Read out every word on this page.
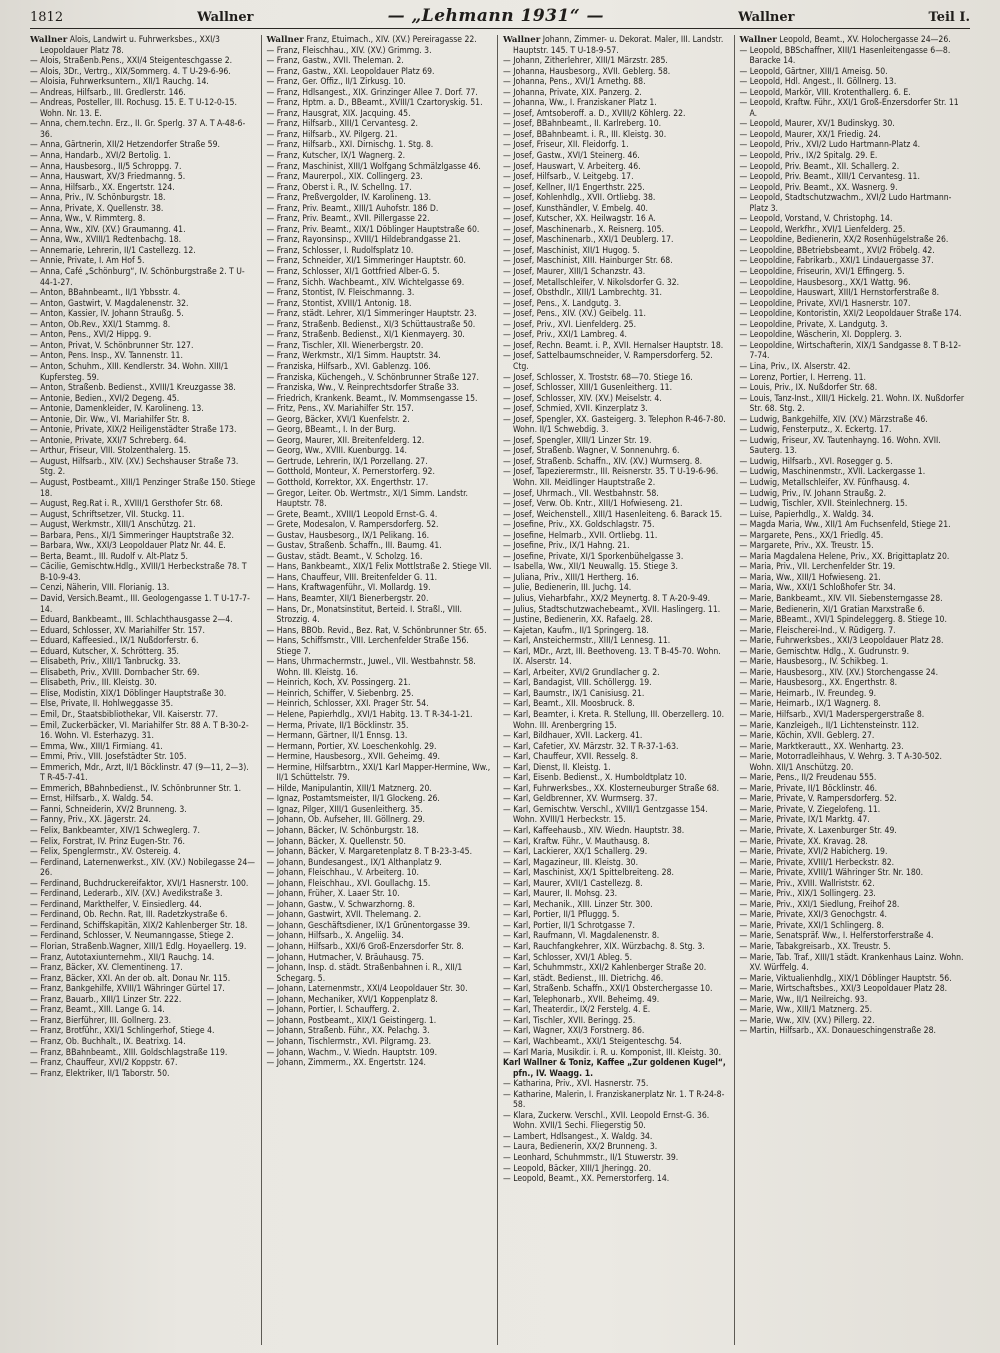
1812	Wallner	— „Lehmann 1931“ —	Wallner	Teil I.
Wallner Alois, Landwirt u. Fuhrwerksbes., XXI/3 Leopoldauer Platz 78.
— Alois, Straßenb.Pens., XXI/4 Steigenteschgasse 2.
— Alois, 3Dr., Vertrg., XIX/Sommerg. 4. T U-29-6-96.
— Aloisia, Fuhrwerksuntern., XII/1 Rauchg. 14.
— Andreas, Hilfsarb., III. Gredlerstr. 146.
— Andreas, Posteller, III. Rochusg. 15. E. T U-12-0-15. Wohn. Nr. 13. E.
— Anna, chem.techn. Erz., II. Gr. Sperlg. 37 A. T A-48-6-36.
— Anna, Gärtnerin, XII/2 Hetzendorfer Straße 59.
— Anna, Handarb., XVI/2 Bertolig. 1.
— Anna, Hausbesorg., II/5 Schroppg. 7.
— Anna, Hauswart, XV/3 Friedmanng. 5.
— Anna, Hilfsarb., XX. Engertstr. 124.
— Anna, Priv., IV. Schönburgstr. 18.
— Anna, Private, X. Quellenstr. 38.
— Anna, Ww., V. Rimmterg. 8.
— Anna, Ww., XIV. (XV.) Graumanng. 41.
— Anna, Ww., XVIII/1 Redtenbachg. 18.
— Annemarie, Lehrerin, II/1 Castellezg. 12.
— Annie, Private, I. Am Hof 5.
— Anna, Café „Schönburg“, IV. Schönburgstraße 2. T U-44-1-27.
— Anton, BBahnbeamt., II/1 Ybbsstr. 4.
— Anton, Gastwirt, V. Magdalenenstr. 32.
— Anton, Kassier, IV. Johann Straußg. 5.
— Anton, Ob.Rev., XXI/1 Stammg. 8.
— Anton, Pens., XVI/2 Hippg. 9.
— Anton, Privat, V. Schönbrunner Str. 127.
— Anton, Pens. Insp., XV. Tannenstr. 11.
— Anton, Schuhm., XIII. Kendlerstr. 34. Wohn. XIII/1 Kupfersteg. 59.
— Anton, Straßenb. Bedienst., XVIII/1 Kreuzgasse 38.
— Antonie, Bedien., XVI/2 Degeng. 45.
— Antonie, Damenkleider, IV. Karolineng. 13.
— Antonie, Dir. Ww., VI. Mariahilfer Str. 8.
— Antonie, Private, XIX/2 Heiligenstädter Straße 173.
— Antonie, Private, XXI/7 Schreberg. 64.
— Arthur, Friseur, VIII. Stolzenthalerg. 15.
— August, Hilfsarb., XIV. (XV.) Sechshauser Straße 73. Stg. 2.
— August, Postbeamt., XIII/1 Penzinger Straße 150. Stiege 18.
— August, Reg.Rat i. R., XVIII/1 Gersthofer Str. 68.
— August, Schriftsetzer, VII. Stuckg. 11.
— August, Werkmstr., XIII/1 Anschützg. 21.
— Barbara, Pens., XI/1 Simmeringer Hauptstraße 32.
— Barbara, Ww., XXI/3 Leopoldauer Platz Nr. 44. E.
— Berta, Beamt., III. Rudolf v. Alt-Platz 5.
— Cäcilie, Gemischtw.Hdlg., XVIII/1 Herbeckstraße 78. T B-10-9-43.
— Cenzi, Näherin, VIII. Florianig. 13.
— David, Versich.Beamt., III. Geologengasse 1. T U-17-7-14.
— Eduard, Bankbeamt., III. Schlachthausgasse 2—4.
— Eduard, Schlosser, XV. Mariahilfer Str. 157.
— Eduard, Kaffeesied., IX/1 Nußdorferstr. 6.
— Eduard, Kutscher, X. Schrötterg. 35.
— Elisabeth, Priv., XIII/1 Tanbruckg. 33.
— Elisabeth, Priv., XVIII. Dornbacher Str. 69.
— Elisabeth, Priv., III. Kleistg. 30.
— Elise, Modistin, XIX/1 Döblinger Hauptstraße 30.
— Else, Private, II. Hohlweggasse 35.
— Emil, Dr., Staatsbibliothekar, VII. Kaiserstr. 77.
— Emil, Zuckerbäcker, VI. Mariahilfer Str. 88 A. T B-30-2-16. Wohn. VI. Esterhazyg. 31.
— Emma, Ww., XIII/1 Firmiang. 41.
— Emmi, Priv., VIII. Josefstädter Str. 105.
— Emmerich, Mdr., Arzt, II/1 Böcklinstr. 47 (9—11, 2—3). T R-45-7-41.
— Emmerich, BBahnbedienst., IV. Schönbrunner Str. 1.
— Ernst, Hilfsarb., X. Waldg. 54.
— Fanni, Schneiderin, XV/2 Brunneng. 3.
— Fanny, Priv., XX. Jägerstr. 24.
— Felix, Bankbeamter, XIV/1 Schweglerg. 7.
— Felix, Forstrat, IV. Prinz Eugen-Str. 76.
— Felix, Spenglermstr., XV. Ostereig. 4.
— Ferdinand, Laternenwerkst., XIV. (XV.) Nobilegasse 24—26.
— Ferdinand, Buchdruckereifaktor, XVI/1 Hasnerstr. 100.
— Ferdinand, Lederarb., XIV. (XV.) Avedikstraße 3.
— Ferdinand, Markthelfer, V. Einsiedlerg. 44.
— Ferdinand, Ob. Rechn. Rat, III. Radetzkystraße 6.
— Ferdinand, Schiffskapitän, XIX/2 Kahlenberger Str. 18.
— Ferdinand, Schlosser, V. Neumanngasse, Stiege 2.
— Florian, Straßenb.Wagner, XIII/1 Edlg. Hoyaellerg. 19.
— Franz, Autotaxiunternehm., XII/1 Rauchg. 14.
— Franz, Bäcker, XV. Clementineng. 17.
— Franz, Bäcker, XXI. An der ob. alt. Donau Nr. 115.
— Franz, Bankgehilfe, XVIII/1 Währinger Gürtel 17.
— Franz, Bauarb., XIII/1 Linzer Str. 222.
— Franz, Beamt., XIII. Lange G. 14.
— Franz, Bierführer, III. Gollnerg. 23.
— Franz, Brotführ., XXI/1 Schlingerhof, Stiege 4.
— Franz, Ob. Buchhalt., IX. Beatrixg. 14.
— Franz, BBahnbeamt., XIII. Goldschlagstraße 119.
— Franz, Chauffeur, XVI/2 Koppstr. 67.
— Franz, Elektriker, II/1 Taborstr. 50.
Wallner Franz, Etuimach., XIV. (XV.) Pereiragasse 22.
— Franz, Fleischhau., XIV. (XV.) Grimmg. 3.
— Franz, Gastw., XVII. Theleman. 2.
— Franz, Gastw., XXI. Leopoldauer Platz 69.
— Franz, Ger. Offiz., II/1 Zirkusg. 10.
— Franz, Hdlsangest., XIX. Grinzinger Allee 7. Dorf. 77.
— Franz, Hptm. a. D., BBeamt., XVIII/1 Czartoryskig. 51.
— Franz, Hausgrat, XIX. Jacquing. 45.
— Franz, Hilfsarb., XIII/1 Cervantesg. 2.
— Franz, Hilfsarb., XV. Pilgerg. 21.
— Franz, Hilfsarb., XXI. Dirnischg. 1. Stg. 8.
— Franz, Kutscher, IX/1 Wagnerg. 2.
— Franz, Maschinist, XIII/1 Wolfgang Schmälzlgasse 46.
— Franz, Maurerpol., XIX. Collingerg. 23.
— Franz, Oberst i. R., IV. Schellng. 17.
— Franz, Preßvergolder, IV. Karolineng. 13.
— Franz, Priv. Beamt., XIII/1 Auhofstr. 186 D.
— Franz, Priv. Beamt., XVII. Pillergasse 22.
— Franz, Priv. Beamt., XIX/1 Döblinger Hauptstraße 60.
— Franz, Rayonsinsp., XVIII/1 Hildebrandgasse 21.
— Franz, Schlosser, I. Rudolfsplatz 10.
— Franz, Schneider, XI/1 Simmeringer Hauptstr. 60.
— Franz, Schlosser, XI/1 Gottfried Alber-G. 5.
— Franz, Sichh. Wachbeamt., XIV. Wichtelgasse 69.
— Franz, Stontist, IV. Fleischmanng. 3.
— Franz, Stontist, XVIII/1 Antonig. 18.
— Franz, städt. Lehrer, XI/1 Simmeringer Hauptstr. 23.
— Franz, Straßenb. Bedienst., XI/3 Schüttaustraße 50.
— Franz, Straßenb. Bedienst., XI/1 Kienmayerg. 30.
— Franz, Tischler, XII. Wienerbergstr. 20.
— Franz, Werkmstr., XI/1 Simm. Hauptstr. 34.
— Franziska, Hilfsarb., XVI. Gablenzg. 106.
— Franziska, Küchengeh., V. Schönbrunner Straße 127.
— Franziska, Ww., V. Reinprechtsdorfer Straße 33.
— Friedrich, Krankenk. Beamt., IV. Mommsengasse 15.
— Fritz, Pens., XV. Mariahilfer Str. 157.
— Georg, Bäcker, XVI/1 Kuenfelstr. 2.
— Georg, BBeamt., I. In der Burg.
— Georg, Maurer, XII. Breitenfelderg. 12.
— Georg, Ww., XVIII. Kuenburgg. 14.
— Gertrude, Lehrerin, IX/1 Porzellang. 27.
— Gotthold, Monteur, X. Pernerstorferg. 92.
— Gotthold, Korrektor, XX. Engerthstr. 17.
— Gregor, Leiter. Ob. Wertmstr., XI/1 Simm. Landstr. Hauptstr. 78.
— Grete, Beamt., XVIII/1 Leopold Ernst-G. 4.
— Grete, Modesalon, V. Rampersdorferg. 52.
— Gustav, Hausbesorg., IX/1 Pelikang. 16.
— Gustav, Straßenb. Schaffn., III. Baumg. 41.
— Gustav, städt. Beamt., V. Scholzg. 16.
— Hans, Bankbeamt., XIX/1 Felix Mottlstraße 2. Stiege VII.
— Hans, Chauffeur, VIII. Breitenfelder G. 11.
— Hans, Kraftwagenführ., VI. Mollardg. 19.
— Hans, Beamter, XII/1 Bienerbergstr. 20.
— Hans, Dr., Monatsinstitut, Berteid. I. Straßl., VIII. Strozzig. 4.
— Hans, BBOb. Revid., Bez. Rat, V. Schönbrunner Str. 65.
— Hans, Schiffsmstr., VIII. Lerchenfelder Straße 156. Stiege 7.
— Hans, Uhrmachermstr., Juwel., VII. Westbahnstr. 58. Wohn. III. Kleistg. 16.
— Heinrich, Koch, XV. Possingerg. 21.
— Heinrich, Schiffer, V. Siebenbrg. 25.
— Heinrich, Schlosser, XXI. Prager Str. 54.
— Helene, Papierhdlg., XVI/1 Habitg. 13. T R-34-1-21.
— Herma, Private, II/1 Böcklinstr. 35.
— Hermann, Gärtner, II/1 Ennsg. 13.
— Hermann, Portier, XV. Loeschenkohlg. 29.
— Hermine, Hausbesorg., XVII. Geheimg. 49.
— Hermine, Hilfsarbtrn., XXI/1 Karl Mapper-Hermine, Ww., II/1 Schüttelstr. 79.
— Hilde, Manipulantin, XIII/1 Matznerg. 20.
— Ignaz, Postamtsmeister, II/1 Glockeng. 26.
— Ignaz, Pilger, XIII/1 Gusenleitherg. 35.
— Johann, Ob. Aufseher, III. Göllnerg. 29.
— Johann, Bäcker, IV. Schönburgstr. 18.
— Johann, Bäcker, X. Quellenstr. 50.
— Johann, Bäcker, V. Margaretenplatz 8. T B-23-3-45.
— Johann, Bundesangest., IX/1 Althanplatz 9.
— Johann, Fleischhau., V. Arbeiterg. 10.
— Johann, Fleischhau., XVI. Goullachg. 15.
— Johann, Früher, X. Laaer Str. 10.
— Johann, Gastw., V. Schwarzhorng. 8.
— Johann, Gastwirt, XVII. Thelemang. 2.
— Johann, Geschäftsdiener, IX/1 Grünentorgasse 39.
— Johann, Hilfsarb., X. Angeliig. 34.
— Johann, Hilfsarb., XXI/6 Groß-Enzersdorfer Str. 8.
— Johann, Hutmacher, V. Bräuhausg. 75.
— Johann, Insp. d. städt. Straßenbahnen i. R., XII/1 Schegarg. 5.
— Johann, Laternenmstr., XXI/4 Leopoldauer Str. 30.
— Johann, Mechaniker, XVI/1 Koppenplatz 8.
— Johann, Portier, I. Schaufferg. 2.
— Johann, Postbeamt., XIX/1 Geistingerg. 1.
— Johann, Straßenb. Führ., XX. Pelachg. 3.
— Johann, Tischlermstr., XVI. Pilgramg. 23.
— Johann, Wachm., V. Wiedn. Hauptstr. 109.
— Johann, Zimmerm., XX. Engertstr. 124.
Wallner Johann, Zimmer- u. Dekorat. Maler, III. Landstr. Hauptstr. 145. T U-18-9-57.
— Johann, Zitherlehrer, XIII/1 Märzstr. 285.
— Johanna, Hausbesorg., XVII. Geblerg. 58.
— Johanna, Pens., XVI/1 Arnethg. 88.
— Johanna, Private, XIX. Panzerg. 2.
— Johanna, Ww., I. Franziskaner Platz 1.
— Josef, Amtsoberoff. a. D., XVIII/2 Köhlerg. 22.
— Josef, BBahnbeamt., II. Karlreberg. 10.
— Josef, BBahnbeamt. i. R., III. Kleistg. 30.
— Josef, Friseur, XII. Fleidorfg. 1.
— Josef, Gastw., XVI/1 Steinerg. 46.
— Josef, Hauswart, V. Arbeiterg. 46.
— Josef, Hilfsarb., V. Leitgebg. 17.
— Josef, Kellner, II/1 Engerthstr. 225.
— Josef, Kohlenhdlg., XVII. Ortliebg. 38.
— Josef, Kunsthändler, V. Embelg. 40.
— Josef, Kutscher, XX. Heilwagstr. 16 A.
— Josef, Maschinenarb., X. Reisnerg. 105.
— Josef, Maschinenarb., XXI/1 Deublerg. 17.
— Josef, Maschinist, XII/1 Hugog. 5.
— Josef, Maschinist, XIII. Hainburger Str. 68.
— Josef, Maurer, XIII/1 Schanzstr. 43.
— Josef, Metallschleifer, V. Nikolsdorfer G. 32.
— Josef, Obsthdlr., XIII/1 Lambrechtg. 31.
— Josef, Pens., X. Landgutg. 3.
— Josef, Pens., XIV. (XV.) Geibelg. 11.
— Josef, Priv., XVI. Lienfelderg. 25.
— Josef, Priv., XXI/1 Lambreg. 4.
— Josef, Rechn. Beamt. i. P., XVII. Hernalser Hauptstr. 18.
— Josef, Sattelbaumschneider, V. Rampersdorferg. 52. Ctg.
— Josef, Schlosser, X. Troststr. 68—70. Stiege 16.
— Josef, Schlosser, XIII/1 Gusenleitherg. 11.
— Josef, Schlosser, XIV. (XV.) Meiselstr. 4.
— Josef, Schmied, XVII. Kinzerplatz 3.
— Josef, Spengler, XX. Gasteigerg. 3. Telephon R-46-7-80. Wohn. II/1 Schwebdig. 3.
— Josef, Spengler, XIII/1 Linzer Str. 19.
— Josef, Straßenb. Wagner, V. Sonnenuhrg. 6.
— Josef, Straßenb. Schaffn., XIV. (XV.) Wurmserg. 8.
— Josef, Tapezierermstr., III. Reisnerstr. 35. T U-19-6-96. Wohn. XII. Meidlinger Hauptstraße 2.
— Josef, Uhrmach., VII. Westbahnstr. 58.
— Josef, Verw. Ob. Kntr., XIII/1 Hofwieseng. 21.
— Josef, Weichenstell., XIII/1 Hasenleiteng. 6. Barack 15.
— Josefine, Priv., XX. Goldschlagstr. 75.
— Josefine, Helmarb., XVII. Ortliebg. 11.
— Josefine, Priv., IX/1 Hahng. 21.
— Josefine, Private, XI/1 Sporkenbühelgasse 3.
— Isabella, Ww., XII/1 Neuwallg. 15. Stiege 3.
— Juliana, Priv., XIII/1 Hertherg. 16.
— Julie, Bedienerin, III. Juchg. 14.
— Julius, Vieharbfahr., XX/2 Meynertg. 8. T A-20-9-49.
— Julius, Stadtschutzwachebeamt., XVII. Haslingerg. 11.
— Justine, Bedienerin, XX. Rafaelg. 28.
— Kajetan, Kaufm., II/1 Springerg. 18.
— Karl, Ansteichermstr., XIII/1 Lennesg. 11.
— Karl, MDr., Arzt, III. Beethoveng. 13. T B-45-70. Wohn. IX. Alserstr. 14.
— Karl, Arbeiter, XVI/2 Grundlacher g. 2.
— Karl, Bandagist, VIII. Schöllergg. 19.
— Karl, Baumstr., IX/1 Canisiusg. 21.
— Karl, Beamt., XII. Moosbruck. 8.
— Karl, Beamter, i. Kreta. R. Stellung, III. Oberzellerg. 10. Wohn. III. Arenbergring 15.
— Karl, Bildhauer, XVII. Lackerg. 41.
— Karl, Cafetier, XV. Märzstr. 32. T R-37-1-63.
— Karl, Chauffeur, XVII. Resselg. 8.
— Karl, Dienst, II. Kleistg. 1.
— Karl, Eisenb. Bedienst., X. Humboldtplatz 10.
— Karl, Fuhrwerksbes., XX. Klosterneuburger Straße 68.
— Karl, Geldbrenner, XV. Wurmserg. 37.
— Karl, Gemischtw. Verschl., XVIII/1 Gentzgasse 154. Wohn. XVIII/1 Herbeckstr. 15.
— Karl, Kaffeehausb., XIV. Wiedn. Hauptstr. 38.
— Karl, Kraftw. Führ., V. Mauthausg. 8.
— Karl, Lackierer, XX/1 Schallerg. 29.
— Karl, Magazineur, III. Kleistg. 30.
— Karl, Maschinist, XX/1 Spittelbreiteng. 28.
— Karl, Maurer, XVII/1 Castellezg. 8.
— Karl, Maurer, II. Mohsg. 23.
— Karl, Mechanik., XIII. Linzer Str. 300.
— Karl, Portier, II/1 Pfluggg. 5.
— Karl, Portier, II/1 Schrotgasse 7.
— Karl, Raufmann, VI. Magdalenenstr. 8.
— Karl, Rauchfangkehrer, XIX. Würzbachg. 8. Stg. 3.
— Karl, Schlosser, XVI/1 Ableg. 5.
— Karl, Schuhmmstr., XXI/2 Kahlenberger Straße 20.
— Karl, städt. Bedienst., III. Dietrichg. 46.
— Karl, Straßenb. Schaffn., XXI/1 Obsterchergasse 10.
— Karl, Telephonarb., XVII. Beheimg. 49.
— Karl, Theaterdir., IX/2 Ferstelg. 4. E.
— Karl, Tischler, XVII. Beringg. 25.
— Karl, Wagner, XXI/3 Forstnerg. 86.
— Karl, Wachbeamt., XXI/1 Steigenteschg. 54.
— Karl Maria, Musikdir. i. R. u. Komponist, III. Kleistg. 30.
Karl Wallner & Toniz, Kaffee „Zur goldenen Kugel“, pfn., IV. Waagg. 1.
— Katharina, Priv., XVI. Hasnerstr. 75.
— Katharine, Malerin, I. Franziskanerplatz Nr. 1. T R-24-8-58.
— Klara, Zuckerw. Verschl., XVII. Leopold Ernst-G. 36. Wohn. XVII/1 Sechi. Fliegerstig 50.
— Lambert, Hdlsangest., X. Waldg. 34.
— Laura, Bedienerin, XX/2 Brunneng. 3.
— Leonhard, Schuhmmstr., II/1 Stuwerstr. 39.
— Leopold, Bäcker, XIII/1 Jheringg. 20.
— Leopold, Beamt., XX. Pernerstorferg. 14.
Wallner Leopold, Beamt., XV. Holochergasse 24—26.
— Leopold, BBSchaffner, XIII/1 Hasenleitengasse 6—8. Baracke 14.
— Leopold, Gärtner, XIII/1 Ameisg. 50.
— Leopold, Hdl. Angest., II. Göllnerg. 13.
— Leopold, Markör, VIII. Krotenthallerg. 6. E.
— Leopold, Kraftw. Führ., XXI/1 Groß-Enzersdorfer Str. 11 A.
— Leopold, Maurer, XV/1 Budinskyg. 30.
— Leopold, Maurer, XX/1 Friedig. 24.
— Leopold, Priv., XVI/2 Ludo Hartmann-Platz 4.
— Leopold, Priv., IX/2 Spitalg. 29. E.
— Leopold, Priv. Beamt., XII. Schallerg. 2.
— Leopold, Priv. Beamt., XIII/1 Cervantesg. 11.
— Leopold, Priv. Beamt., XX. Wasnerg. 9.
— Leopold, Stadtschutzwachm., XVI/2 Ludo Hartmann-Platz 3.
— Leopold, Vorstand, V. Christophg. 14.
— Leopold, Werkfhr., XVI/1 Lienfelderg. 25.
— Leopoldine, Bedienerin, XX/2 Rosenhügelstraße 26.
— Leopoldine, BBetriebsbeamt., XVI/2 Fröbelg. 42.
— Leopoldine, Fabrikarb., XXI/1 Lindauergasse 37.
— Leopoldine, Friseurin, XVI/1 Effingerg. 5.
— Leopoldine, Hausbesorg., XX/1 Wattg. 96.
— Leopoldine, Hauswart, XIII/1 Hernstorferstraße 8.
— Leopoldine, Private, XVI/1 Hasnerstr. 107.
— Leopoldine, Kontoristin, XXI/2 Leopoldauer Straße 174.
— Leopoldine, Private, X. Landgutg. 3.
— Leopoldine, Wäscherin, XI. Dopplerg. 3.
— Leopoldine, Wirtschafterin, XIX/1 Sandgasse 8. T B-12-7-74.
— Lina, Priv., IX. Alserstr. 42.
— Lorenz, Portier, I. Herreng. 11.
— Louis, Priv., IX. Nußdorfer Str. 68.
— Louis, Tanz-Inst., XIII/1 Hickelg. 21. Wohn. IX. Nußdorfer Str. 68. Stg. 2.
— Ludwig, Bankgehilfe, XIV. (XV.) Märzstraße 46.
— Ludwig, Fensterputz., X. Eckertg. 17.
— Ludwig, Friseur, XV. Tautenhayng. 16. Wohn. XVII. Sauterg. 13.
— Ludwig, Hilfsarb., XVI. Rosegger g. 5.
— Ludwig, Maschinenmstr., XVII. Lackergasse 1.
— Ludwig, Metallschleifer, XV. Fünfhausg. 4.
— Ludwig, Priv., IV. Johann Straußg. 2.
— Ludwig, Tischler, XVII. Steinlechnerg. 15.
— Luise, Papierhdlg., X. Waldg. 34.
— Magda Maria, Ww., XII/1 Am Fuchsenfeld, Stiege 21.
— Margarete, Pens., XX/1 Friedlg. 45.
— Margarete, Priv., XX. Treustr. 15.
— Maria Magdalena Helene, Priv., XX. Brigittaplatz 20.
— Maria, Priv., VII. Lerchenfelder Str. 19.
— Maria, Ww., XIII/1 Hofwieseng. 21.
— Maria, Ww., XXI/1 Schloßhofer Str. 34.
— Marie, Bankbeamt., XIV. VII. Siebensterngasse 28.
— Marie, Bedienerin, XI/1 Gratian Marxstraße 6.
— Marie, BBeamt., XVI/1 Spindeleggerg. 8. Stiege 10.
— Marie, Fleischerei-Ind., V. Rüdigerg. 7.
— Marie, Fuhrwerksbes., XXI/3 Leopoldauer Platz 28.
— Marie, Gemischtw. Hdlg., X. Gudrunstr. 9.
— Marie, Hausbesorg., IV. Schikbeg. 1.
— Marie, Hausbesorg., XIV. (XV.) Storchengasse 24.
— Marie, Hausbesorg., XX. Engerthstr. 8.
— Marie, Heimarb., IV. Freundeg. 9.
— Marie, Heimarb., IX/1 Wagnerg. 8.
— Marie, Hilfsarb., XVI/1 Maderspergerstraße 8.
— Marie, Kanzleigeh., II/1 Lichtensteinstr. 112.
— Marie, Köchin, XVII. Geblerg. 27.
— Marie, Marktkerautt., XX. Wenhartg. 23.
— Marie, Motorradleihhaus, V. Wehrg. 3. T A-30-502. Wohn. XII/1 Anschützg. 20.
— Marie, Pens., II/2 Freudenau 555.
— Marie, Private, II/1 Böcklinstr. 46.
— Marie, Private, V. Rampersdorferg. 52.
— Marie, Private, V. Ziegelofeng. 11.
— Marie, Private, IX/1 Marktg. 47.
— Marie, Private, X. Laxenburger Str. 49.
— Marie, Private, XX. Kravag. 28.
— Marie, Private, XVI/2 Habicherg. 19.
— Marie, Private, XVIII/1 Herbeckstr. 82.
— Marie, Private, XVIII/1 Währinger Str. Nr. 180.
— Marie, Priv., XVIII. Wallriststr. 62.
— Marie, Priv., XIX/1 Sollingerg. 23.
— Marie, Priv., XXI/1 Siedlung, Freihof 28.
— Marie, Private, XXI/3 Genochgstr. 4.
— Marie, Private, XXI/1 Schlingerg. 8.
— Marie, Senatspräf. Ww., I. Helferstorferstraße 4.
— Marie, Tabakgreisarb., XX. Treustr. 5.
— Marie, Tab. Traf., XIII/1 städt. Krankenhaus Lainz. Wohn. XV. Würffelg. 4.
— Marie, Viktualienhdlg., XIX/1 Döblinger Hauptstr. 56.
— Marie, Wirtschaftsbes., XXI/3 Leopoldauer Platz 28.
— Marie, Ww., II/1 Neilreichg. 93.
— Marie, Ww., XIII/1 Matznerg. 25.
— Marie, Ww., XIV. (XV.) Pillerg. 22.
— Martin, Hilfsarb., XX. Donaueschingenstraße 28.
